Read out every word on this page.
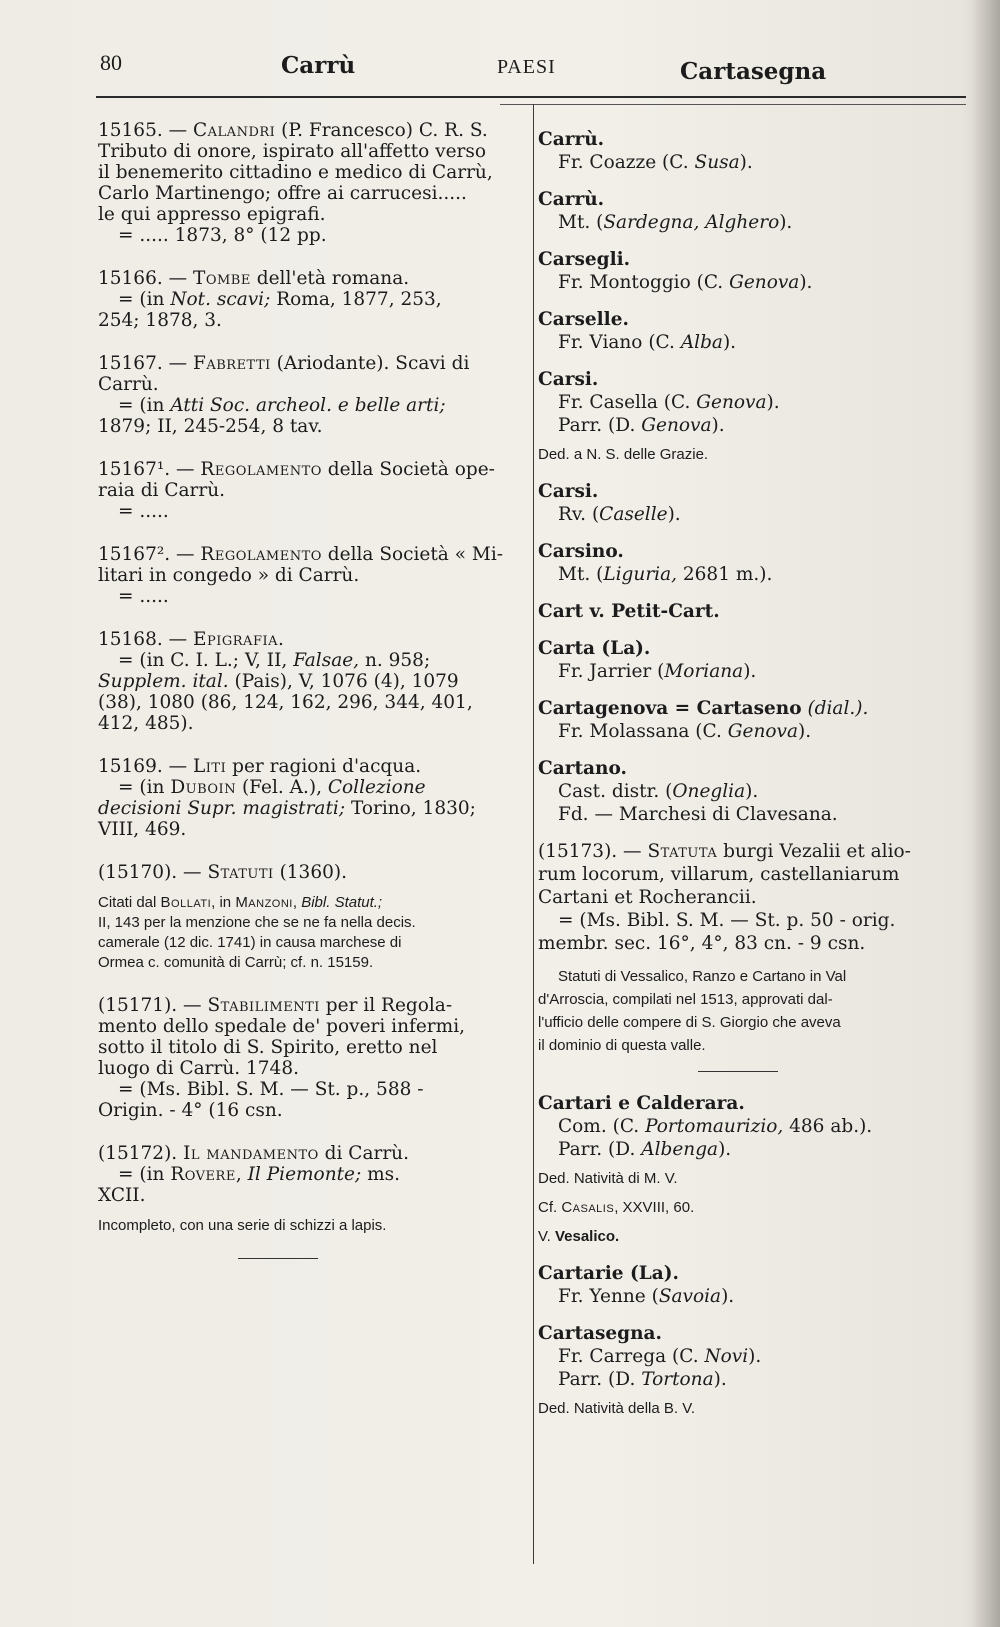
80	Carrù	PAESI	Cartasegna
15165. — Calandri (P. Francesco) C. R. S.
Tributo di onore, ispirato all'affetto verso
il benemerito cittadino e medico di Carrù,
Carlo Martinengo; offre ai carrucesi.....
le qui appresso epigrafi.
= ..... 1873, 8° (12 pp.
15166. — Tombe dell'età romana.
= (in Not. scavi; Roma, 1877, 253,
254; 1878, 3.
15167. — Fabretti (Ariodante). Scavi di
Carrù.
= (in Atti Soc. archeol. e belle arti;
1879; II, 245-254, 8 tav.
15167¹. — Regolamento della Società ope-
raia di Carrù.
= .....
15167². — Regolamento della Società « Mi-
litari in congedo » di Carrù.
= .....
15168. — Epigrafia.
= (in C. I. L.; V, II, Falsae, n. 958;
Supplem. ital. (Pais), V, 1076 (4), 1079
(38), 1080 (86, 124, 162, 296, 344, 401,
412, 485).
15169. — Liti per ragioni d'acqua.
= (in Duboin (Fel. A.), Collezione
decisioni Supr. magistrati; Torino, 1830;
VIII, 469.
(15170). — Statuti (1360).
Citati dal Bollati, in Manzoni, Bibl. Statut.;
II, 143 per la menzione che se ne fa nella decis.
camerale (12 dic. 1741) in causa marchese di
Ormea c. comunità di Carrù; cf. n. 15159.
(15171). — Stabilimenti per il Regola-
mento dello spedale de' poveri infermi,
sotto il titolo di S. Spirito, eretto nel
luogo di Carrù. 1748.
= (Ms. Bibl. S. M. — St. p., 588 -
Origin. - 4° (16 csn.
(15172). Il mandamento di Carrù.
= (in Rovere, Il Piemonte; ms.
XCII.
Incompleto, con una serie di schizzi a lapis.
Carrù.
Fr. Coazze (C. Susa).
Carrù.
Mt. (Sardegna, Alghero).
Carsegli.
Fr. Montoggio (C. Genova).
Carselle.
Fr. Viano (C. Alba).
Carsi.
Fr. Casella (C. Genova).
Parr. (D. Genova).
Ded. a N. S. delle Grazie.
Carsi.
Rv. (Caselle).
Carsino.
Mt. (Liguria, 2681 m.).
Cart v. Petit-Cart.
Carta (La).
Fr. Jarrier (Moriana).
Cartagenova = Cartaseno (dial.).
Fr. Molassana (C. Genova).
Cartano.
Cast. distr. (Oneglia).
Fd. — Marchesi di Clavesana.
(15173). — Statuta burgi Vezalii et alio-
rum locorum, villarum, castellaniarum
Cartani et Rocherancii.
= (Ms. Bibl. S. M. — St. p. 50 - orig.
membr. sec. 16°, 4°, 83 cn. - 9 csn.
Statuti di Vessalico, Ranzo e Cartano in Val
d'Arroscia, compilati nel 1513, approvati dal-
l'ufficio delle compere di S. Giorgio che aveva
il dominio di questa valle.
Cartari e Calderara.
Com. (C. Portomaurizio, 486 ab.).
Parr. (D. Albenga).
Ded. Natività di M. V.
Cf. Casalis, XXVIII, 60.
V. Vesalico.
Cartarie (La).
Fr. Yenne (Savoia).
Cartasegna.
Fr. Carrega (C. Novi).
Parr. (D. Tortona).
Ded. Natività della B. V.
